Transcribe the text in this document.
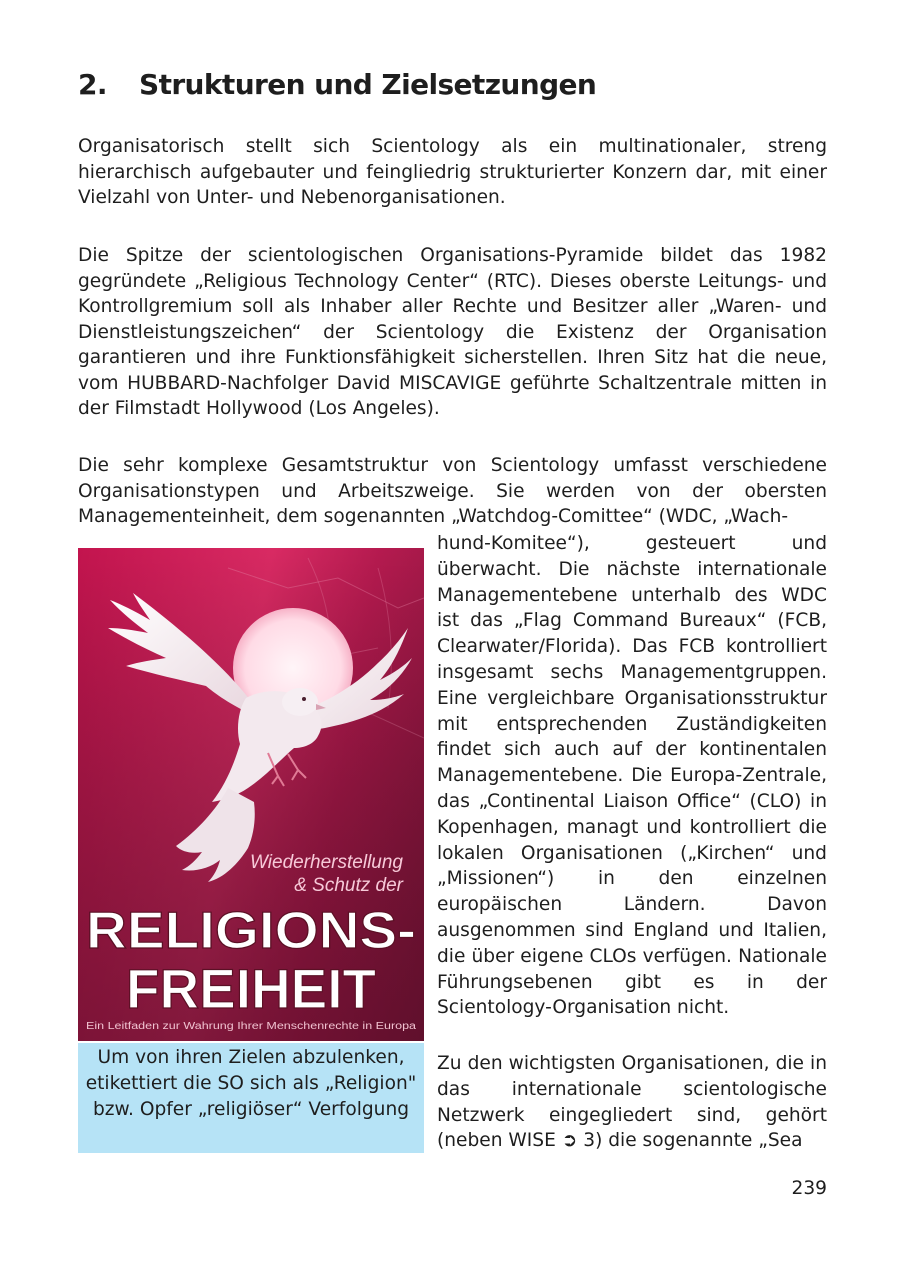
2. Strukturen und Zielsetzungen

Organisatorisch stellt sich Scientology als ein multinationaler, streng hierarchisch aufgebauter und feingliedrig strukturierter Konzern dar, mit einer Vielzahl von Unter- und Nebenorganisationen.

Die Spitze der scientologischen Organisations-Pyramide bildet das 1982 gegründete „Religious Technology Center“ (RTC). Dieses oberste Leitungs- und Kontrollgremium soll als Inhaber aller Rechte und Besitzer aller „Waren- und Dienstleistungszeichen“ der Scientology die Existenz der Organisation garantieren und ihre Funktionsfähigkeit sicherstellen. Ihren Sitz hat die neue, vom HUBBARD-Nachfolger David MISCAVIGE geführte Schaltzentrale mitten in der Filmstadt Hollywood (Los Angeles).

Die sehr komplexe Gesamtstruktur von Scientology umfasst verschiedene Organisationstypen und Arbeitszweige. Sie werden von der obersten Managementeinheit, dem sogenannten „Watchdog-Comittee“ (WDC, „Wach-

Wiederherstellung
& Schutz der
RELIGIONS-
FREIHEIT
Ein Leitfaden zur Wahrung Ihrer Menschenrechte in Europa
Um von ihren Zielen abzulenken, etikettiert die SO sich als „Religion" bzw. Opfer „religiöser“ Verfolgung

hund-Komitee“), gesteuert und überwacht. Die nächste internationale Managementebene unterhalb des WDC ist das „Flag Command Bureaux“ (FCB, Clearwater/Florida). Das FCB kontrolliert insgesamt sechs Managementgruppen. Eine vergleichbare Organisationsstruktur mit entsprechenden Zuständigkeiten findet sich auch auf der kontinentalen Managementebene. Die Europa-Zentrale, das „Continental Liaison Office“ (CLO) in Kopenhagen, managt und kontrolliert die lokalen Organisationen („Kirchen“ und „Missionen“) in den einzelnen europäischen Ländern. Davon ausgenommen sind England und Italien, die über eigene CLOs verfügen. Nationale Führungsebenen gibt es in der Scientology-Organisation nicht.

Zu den wichtigsten Organisationen, die in das internationale scientologische Netzwerk eingegliedert sind, gehört (neben WISE ➲ 3) die sogenannte „Sea

239
